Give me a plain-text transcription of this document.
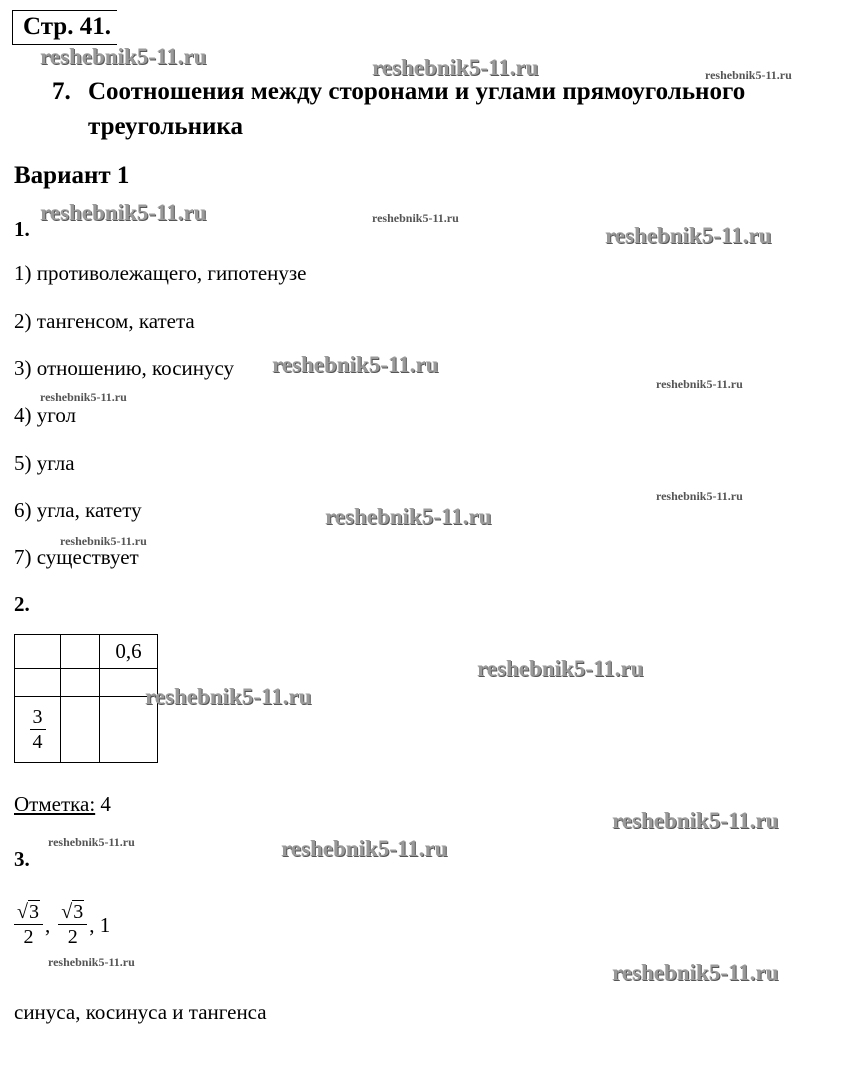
Стр. 41.
7. Соотношения между сторонами и углами прямоугольного
треугольника
Вариант 1
1.
1) противолежащего, гипотенузе
2) тангенсом, катета
3) отношению, косинусу
4) угол
5) угла
6) угла, катету
7) существует
2.
		0,6

$\frac{3}{4}$

Отметка: 4
3.
$\frac{√3}{2}$ , $\frac{√3}{2}$ , 1
синуса, косинуса и тангенса
reshebnik5-11.ru	reshebnik5-11.ru	reshebnik5-11.ru
reshebnik5-11.ru	reshebnik5-11.ru
reshebnik5-11.ru
reshebnik5-11.ru
reshebnik5-11.ru
reshebnik5-11.ru
reshebnik5-11.ru
reshebnik5-11.ru
reshebnik5-11.ru
reshebnik5-11.ru
reshebnik5-11.ru
reshebnik5-11.ru
reshebnik5-11.ru	reshebnik5-11.ru
reshebnik5-11.ru	reshebnik5-11.ru
